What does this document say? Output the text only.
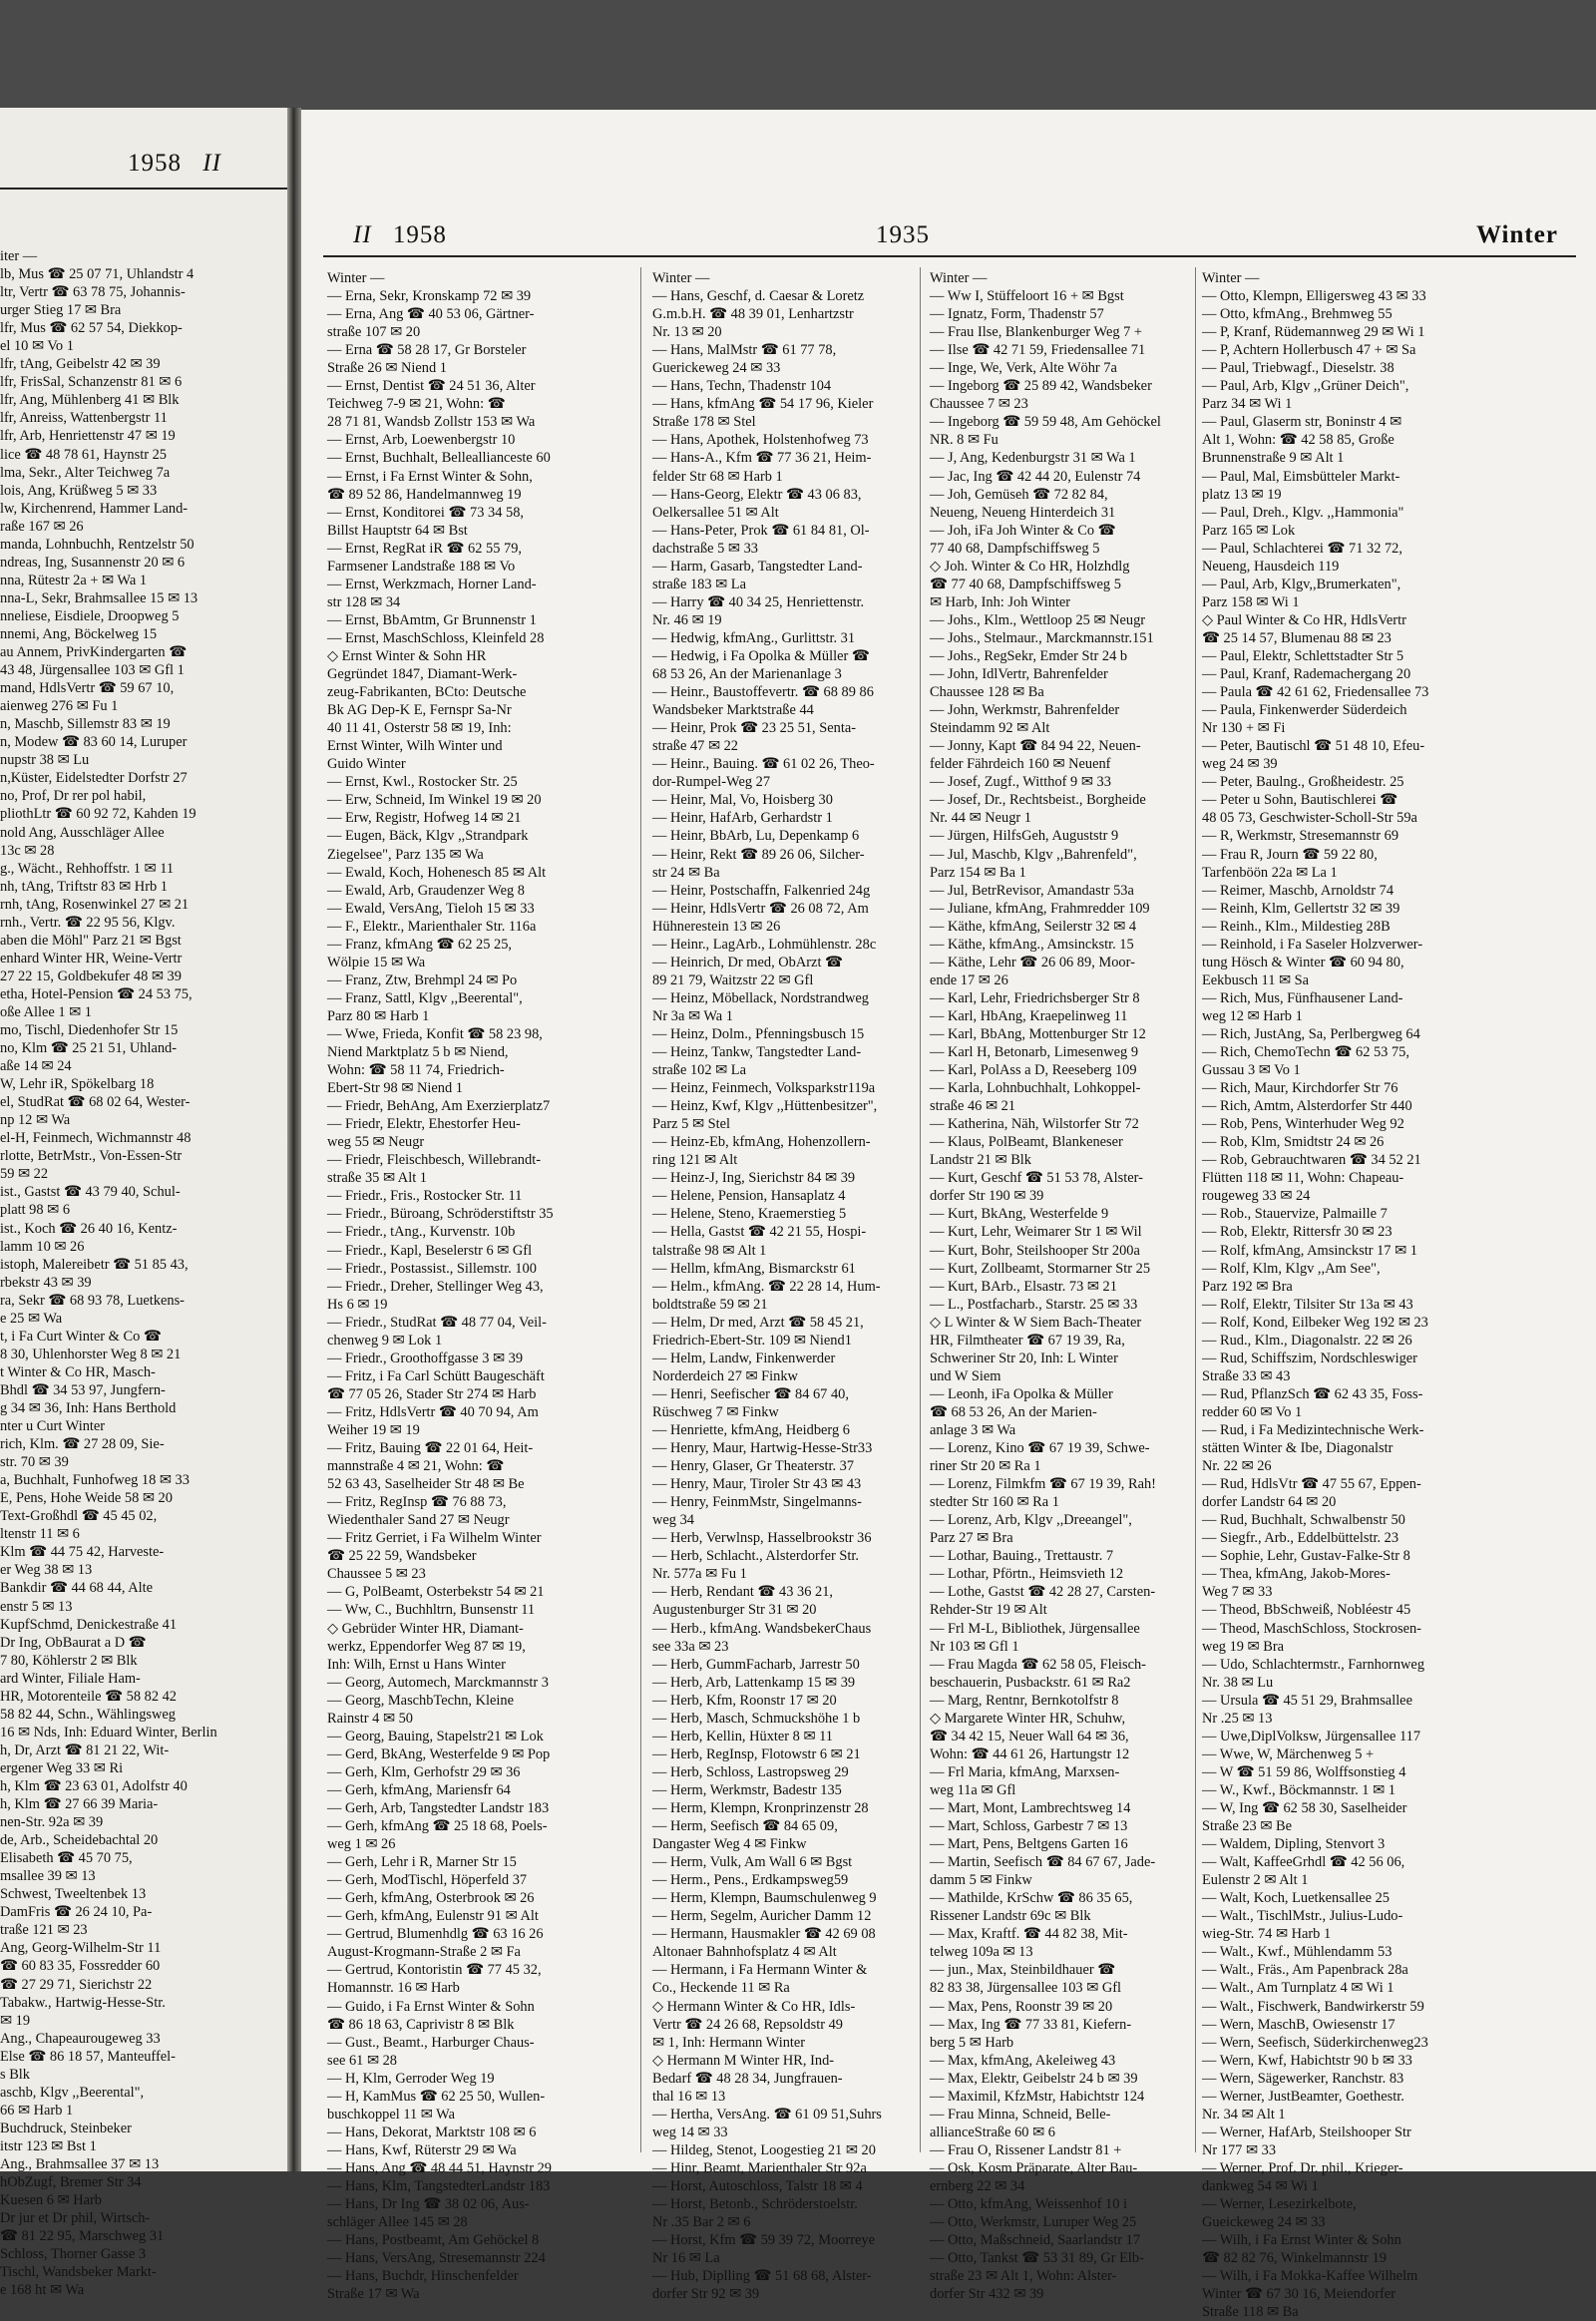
1958 II
iter —
lb, Mus ☎ 25 07 71, Uhlandstr 4
ltr, Vertr ☎ 63 78 75, Johannis-
urger Stieg 17 ✉ Bra
lfr, Mus ☎ 62 57 54, Diekkop-
el 10 ✉ Vo 1
lfr, tAng, Geibelstr 42 ✉ 39
lfr, FrisSal, Schanzenstr 81 ✉ 6
lfr, Ang, Mühlenberg 41 ✉ Blk
lfr, Anreiss, Wattenbergstr 11
lfr, Arb, Henriettenstr 47 ✉ 19
lice ☎ 48 78 61, Haynstr 25
lma, Sekr., Alter Teichweg 7a
lois, Ang, Krüßweg 5 ✉ 33
lw, Kirchenrend, Hammer Land-
raße 167 ✉ 26
manda, Lohnbuchh, Rentzelstr 50
ndreas, Ing, Susannenstr 20 ✉ 6
nna, Rütestr 2a + ✉ Wa 1
nna-L, Sekr, Brahmsallee 15 ✉ 13
nneliese, Eisdiele, Droopweg 5
nnemi, Ang, Böckelweg 15
au Annem, PrivKindergarten ☎
43 48, Jürgensallee 103 ✉ Gfl 1
mand, HdlsVertr ☎ 59 67 10,
aienweg 276 ✉ Fu 1
n, Maschb, Sillemstr 83 ✉ 19
n, Modew ☎ 83 60 14, Luruper
nupstr 38 ✉ Lu
n,Küster, Eidelstedter Dorfstr 27
no, Prof, Dr rer pol habil,
pliothLtr ☎ 60 92 72, Kahden 19
nold Ang, Ausschläger Allee
13c ✉ 28
g., Wächt., Rehhoffstr. 1 ✉ 11
nh, tAng, Triftstr 83 ✉ Hrb 1
rnh, tAng, Rosenwinkel 27 ✉ 21
rnh., Vertr. ☎ 22 95 56, Klgv.
aben die Möhl" Parz 21 ✉ Bgst
enhard Winter HR, Weine-Vertr
27 22 15, Goldbekufer 48 ✉ 39
etha, Hotel-Pension ☎ 24 53 75,
oße Allee 1 ✉ 1
mo, Tischl, Diedenhofer Str 15
no, Klm ☎ 25 21 51, Uhland-
aße 14 ✉ 24
W, Lehr iR, Spökelbarg 18
el, StudRat ☎ 68 02 64, Wester-
np 12 ✉ Wa
el-H, Feinmech, Wichmannstr 48
rlotte, BetrMstr., Von-Essen-Str
59 ✉ 22
ist., Gastst ☎ 43 79 40, Schul-
platt 98 ✉ 6
ist., Koch ☎ 26 40 16, Kentz-
lamm 10 ✉ 26
istoph, Malereibetr ☎ 51 85 43,
rbekstr 43 ✉ 39
ra, Sekr ☎ 68 93 78, Luetkens-
e 25 ✉ Wa
t, i Fa Curt Winter & Co ☎
8 30, Uhlenhorster Weg 8 ✉ 21
t Winter & Co HR, Masch-
Bhdl ☎ 34 53 97, Jungfern-
g 34 ✉ 36, Inh: Hans Berthold
nter u Curt Winter
rich, Klm. ☎ 27 28 09, Sie-
str. 70 ✉ 39
a, Buchhalt, Funhofweg 18 ✉ 33
E, Pens, Hohe Weide 58 ✉ 20
Text-Großhdl ☎ 45 45 02,
ltenstr 11 ✉ 6
Klm ☎ 44 75 42, Harveste-
er Weg 38 ✉ 13
Bankdir ☎ 44 68 44, Alte
enstr 5 ✉ 13
KupfSchmd, Denickestraße 41
Dr Ing, ObBaurat a D ☎
7 80, Köhlerstr 2 ✉ Blk
ard Winter, Filiale Ham-
HR, Motorenteile ☎ 58 82 42
58 82 44, Schn., Wählingsweg
16 ✉ Nds, Inh: Eduard Winter, Berlin
h, Dr, Arzt ☎ 81 21 22, Wit-
ergener Weg 33 ✉ Ri
h, Klm ☎ 23 63 01, Adolfstr 40
h, Klm ☎ 27 66 39 Maria-
nen-Str. 92a ✉ 39
de, Arb., Scheidebachtal 20
Elisabeth ☎ 45 70 75,
msallee 39 ✉ 13
Schwest, Tweeltenbek 13
DamFris ☎ 26 24 10, Pa-
traße 121 ✉ 23
Ang, Georg-Wilhelm-Str 11
☎ 60 83 35, Fossredder 60
☎ 27 29 71, Sierichstr 22
Tabakw., Hartwig-Hesse-Str.
✉ 19
Ang., Chapeaurougeweg 33
Else ☎ 86 18 57, Manteuffel-
s Blk
aschb, Klgv ,,Beerental",
66 ✉ Harb 1
Buchdruck, Steinbeker
itstr 123 ✉ Bst 1
Ang., Brahmsallee 37 ✉ 13
hObZugf, Bremer Str 34
Kuesen 6 ✉ Harb
Dr jur et Dr phil, Wirtsch-
☎ 81 22 95, Marschweg 31
Schloss, Thorner Gasse 3
Tischl, Wandsbeker Markt-
e 168 ht ✉ Wa
II 1958	1935	Winter
Winter —
— Erna, Sekr, Kronskamp 72 ✉ 39
— Erna, Ang ☎ 40 53 06, Gärtner-
straße 107 ✉ 20
— Erna ☎ 58 28 17, Gr Borsteler
Straße 26 ✉ Niend 1
— Ernst, Dentist ☎ 24 51 36, Alter
Teichweg 7-9 ✉ 21, Wohn: ☎
28 71 81, Wandsb Zollstr 153 ✉ Wa
— Ernst, Arb, Loewenbergstr 10
— Ernst, Buchhalt, Belleallianceste 60
— Ernst, i Fa Ernst Winter & Sohn,
☎ 89 52 86, Handelmannweg 19
— Ernst, Konditorei ☎ 73 34 58,
Billst Hauptstr 64 ✉ Bst
— Ernst, RegRat iR ☎ 62 55 79,
Farmsener Landstraße 188 ✉ Vo
— Ernst, Werkzmach, Horner Land-
str 128 ✉ 34
— Ernst, BbAmtm, Gr Brunnenstr 1
— Ernst, MaschSchloss, Kleinfeld 28
◇ Ernst Winter & Sohn HR
Gegründet 1847, Diamant-Werk-
zeug-Fabrikanten, BCto: Deutsche
Bk AG Dep-K E, Fernspr Sa-Nr
40 11 41, Osterstr 58 ✉ 19, Inh:
Ernst Winter, Wilh Winter und
Guido Winter
— Ernst, Kwl., Rostocker Str. 25
— Erw, Schneid, Im Winkel 19 ✉ 20
— Erw, Registr, Hofweg 14 ✉ 21
— Eugen, Bäck, Klgv ,,Strandpark
Ziegelsee", Parz 135 ✉ Wa
— Ewald, Koch, Hohenesch 85 ✉ Alt
— Ewald, Arb, Graudenzer Weg 8
— Ewald, VersAng, Tieloh 15 ✉ 33
— F., Elektr., Marienthaler Str. 116a
— Franz, kfmAng ☎ 62 25 25,
Wölpie 15 ✉ Wa
— Franz, Ztw, Brehmpl 24 ✉ Po
— Franz, Sattl, Klgv ,,Beerental",
Parz 80 ✉ Harb 1
— Wwe, Frieda, Konfit ☎ 58 23 98,
Niend Marktplatz 5 b ✉ Niend,
Wohn: ☎ 58 11 74, Friedrich-
Ebert-Str 98 ✉ Niend 1
— Friedr, BehAng, Am Exerzierplatz7
— Friedr, Elektr, Ehestorfer Heu-
weg 55 ✉ Neugr
— Friedr, Fleischbesch, Willebrandt-
straße 35 ✉ Alt 1
— Friedr., Fris., Rostocker Str. 11
— Friedr., Büroang, Schröderstiftstr 35
— Friedr., tAng., Kurvenstr. 10b
— Friedr., Kapl, Beselerstr 6 ✉ Gfl
— Friedr., Postassist., Sillemstr. 100
— Friedr., Dreher, Stellinger Weg 43,
Hs 6 ✉ 19
— Friedr., StudRat ☎ 48 77 04, Veil-
chenweg 9 ✉ Lok 1
— Friedr., Groothoffgasse 3 ✉ 39
— Fritz, i Fa Carl Schütt Baugeschäft
☎ 77 05 26, Stader Str 274 ✉ Harb
— Fritz, HdlsVertr ☎ 40 70 94, Am
Weiher 19 ✉ 19
— Fritz, Bauing ☎ 22 01 64, Heit-
mannstraße 4 ✉ 21, Wohn: ☎
52 63 43, Saselheider Str 48 ✉ Be
— Fritz, RegInsp ☎ 76 88 73,
Wiedenthaler Sand 27 ✉ Neugr
— Fritz Gerriet, i Fa Wilhelm Winter
☎ 25 22 59, Wandsbeker
Chaussee 5 ✉ 23
— G, PolBeamt, Osterbekstr 54 ✉ 21
— Ww, C., Buchhltrn, Bunsenstr 11
◇ Gebrüder Winter HR, Diamant-
werkz, Eppendorfer Weg 87 ✉ 19,
Inh: Wilh, Ernst u Hans Winter
— Georg, Automech, Marckmannstr 3
— Georg, MaschbTechn, Kleine
Rainstr 4 ✉ 50
— Georg, Bauing, Stapelstr21 ✉ Lok
— Gerd, BkAng, Westerfelde 9 ✉ Pop
— Gerh, Klm, Gerhofstr 29 ✉ 36
— Gerh, kfmAng, Mariensfr 64
— Gerh, Arb, Tangstedter Landstr 183
— Gerh, kfmAng ☎ 25 18 68, Poels-
weg 1 ✉ 26
— Gerh, Lehr i R, Marner Str 15
— Gerh, ModTischl, Höperfeld 37
— Gerh, kfmAng, Osterbrook ✉ 26
— Gerh, kfmAng, Eulenstr 91 ✉ Alt
— Gertrud, Blumenhdlg ☎ 63 16 26
August-Krogmann-Straße 2 ✉ Fa
— Gertrud, Kontoristin ☎ 77 45 32,
Homannstr. 16 ✉ Harb
— Guido, i Fa Ernst Winter & Sohn
☎ 86 18 63, Caprivistr 8 ✉ Blk
— Gust., Beamt., Harburger Chaus-
see 61 ✉ 28
— H, Klm, Gerroder Weg 19
— H, KamMus ☎ 62 25 50, Wullen-
buschkoppel 11 ✉ Wa
— Hans, Dekorat, Marktstr 108 ✉ 6
— Hans, Kwf, Rüterstr 29 ✉ Wa
— Hans, Ang ☎ 48 44 51, Haynstr 29
— Hans, Klm, TangstedterLandstr 183
— Hans, Dr Ing ☎ 38 02 06, Aus-
schläger Allee 145 ✉ 28
— Hans, Postbeamt, Am Gehöckel 8
— Hans, VersAng, Stresemannstr 224
— Hans, Buchdr, Hinschenfelder
Straße 17 ✉ Wa
Winter —
— Hans, Geschf, d. Caesar & Loretz
G.m.b.H. ☎ 48 39 01, Lenhartzstr
Nr. 13 ✉ 20
— Hans, MalMstr ☎ 61 77 78,
Guerickeweg 24 ✉ 33
— Hans, Techn, Thadenstr 104
— Hans, kfmAng ☎ 54 17 96, Kieler
Straße 178 ✉ Stel
— Hans, Apothek, Holstenhofweg 73
— Hans-A., Kfm ☎ 77 36 21, Heim-
felder Str 68 ✉ Harb 1
— Hans-Georg, Elektr ☎ 43 06 83,
Oelkersallee 51 ✉ Alt
— Hans-Peter, Prok ☎ 61 84 81, Ol-
dachstraße 5 ✉ 33
— Harm, Gasarb, Tangstedter Land-
straße 183 ✉ La
— Harry ☎ 40 34 25, Henriettenstr.
Nr. 46 ✉ 19
— Hedwig, kfmAng., Gurlittstr. 31
— Hedwig, i Fa Opolka & Müller ☎
68 53 26, An der Marienanlage 3
— Heinr., Baustoffevertr. ☎ 68 89 86
Wandsbeker Marktstraße 44
— Heinr, Prok ☎ 23 25 51, Senta-
straße 47 ✉ 22
— Heinr., Bauing. ☎ 61 02 26, Theo-
dor-Rumpel-Weg 27
— Heinr, Mal, Vo, Hoisberg 30
— Heinr, HafArb, Gerhardstr 1
— Heinr, BbArb, Lu, Depenkamp 6
— Heinr, Rekt ☎ 89 26 06, Silcher-
str 24 ✉ Ba
— Heinr, Postschaffn, Falkenried 24g
— Heinr, HdlsVertr ☎ 26 08 72, Am
Hühnerestein 13 ✉ 26
— Heinr., LagArb., Lohmühlenstr. 28c
— Heinrich, Dr med, ObArzt ☎
89 21 79, Waitzstr 22 ✉ Gfl
— Heinz, Möbellack, Nordstrandweg
Nr 3a ✉ Wa 1
— Heinz, Dolm., Pfenningsbusch 15
— Heinz, Tankw, Tangstedter Land-
straße 102 ✉ La
— Heinz, Feinmech, Volksparkstr119a
— Heinz, Kwf, Klgv ,,Hüttenbesitzer",
Parz 5 ✉ Stel
— Heinz-Eb, kfmAng, Hohenzollern-
ring 121 ✉ Alt
— Heinz-J, Ing, Sierichstr 84 ✉ 39
— Helene, Pension, Hansaplatz 4
— Helene, Steno, Kraemerstieg 5
— Hella, Gastst ☎ 42 21 55, Hospi-
talstraße 98 ✉ Alt 1
— Hellm, kfmAng, Bismarckstr 61
— Helm., kfmAng. ☎ 22 28 14, Hum-
boldtstraße 59 ✉ 21
— Helm, Dr med, Arzt ☎ 58 45 21,
Friedrich-Ebert-Str. 109 ✉ Niend1
— Helm, Landw, Finkenwerder
Norderdeich 27 ✉ Finkw
— Henri, Seefischer ☎ 84 67 40,
Rüschweg 7 ✉ Finkw
— Henriette, kfmAng, Heidberg 6
— Henry, Maur, Hartwig-Hesse-Str33
— Henry, Glaser, Gr Theaterstr. 37
— Henry, Maur, Tiroler Str 43 ✉ 43
— Henry, FeinmMstr, Singelmanns-
weg 34
— Herb, Verwlnsp, Hasselbrookstr 36
— Herb, Schlacht., Alsterdorfer Str.
Nr. 577a ✉ Fu 1
— Herb, Rendant ☎ 43 36 21,
Augustenburger Str 31 ✉ 20
— Herb., kfmAng. WandsbekerChaus
see 33a ✉ 23
— Herb, GummFacharb, Jarrestr 50
— Herb, Arb, Lattenkamp 15 ✉ 39
— Herb, Kfm, Roonstr 17 ✉ 20
— Herb, Masch, Schmuckshöhe 1 b
— Herb, Kellin, Hüxter 8 ✉ 11
— Herb, RegInsp, Flotowstr 6 ✉ 21
— Herb, Schloss, Lastropsweg 29
— Herm, Werkmstr, Badestr 135
— Herm, Klempn, Kronprinzenstr 28
— Herm, Seefisch ☎ 84 65 09,
Dangaster Weg 4 ✉ Finkw
— Herm, Vulk, Am Wall 6 ✉ Bgst
— Herm., Pens., Erdkampsweg59
— Herm, Klempn, Baumschulenweg 9
— Herm, Segelm, Auricher Damm 12
— Hermann, Hausmakler ☎ 42 69 08
Altonaer Bahnhofsplatz 4 ✉ Alt
— Hermann, i Fa Hermann Winter &
Co., Heckende 11 ✉ Ra
◇ Hermann Winter & Co HR, Idls-
Vertr ☎ 24 26 68, Repsoldstr 49
✉ 1, Inh: Hermann Winter
◇ Hermann M Winter HR, Ind-
Bedarf ☎ 48 28 34, Jungfrauen-
thal 16 ✉ 13
— Hertha, VersAng. ☎ 61 09 51,Suhrs
weg 14 ✉ 33
— Hildeg, Stenot, Loogestieg 21 ✉ 20
— Hinr, Beamt, Marienthaler Str 92a
— Horst, Autoschloss, Talstr 18 ✉ 4
— Horst, Betonb., Schröderstoelstr.
Nr .35 Bar 2 ✉ 6
— Horst, Kfm ☎ 59 39 72, Moorreye
Nr 16 ✉ La
— Hub, Diplling ☎ 51 68 68, Alster-
dorfer Str 92 ✉ 39
Winter —
— Ww I, Stüffeloort 16 + ✉ Bgst
— Ignatz, Form, Thadenstr 57
— Frau Ilse, Blankenburger Weg 7 +
— Ilse ☎ 42 71 59, Friedensallee 71
— Inge, We, Verk, Alte Wöhr 7a
— Ingeborg ☎ 25 89 42, Wandsbeker
Chaussee 7 ✉ 23
— Ingeborg ☎ 59 59 48, Am Gehöckel
NR. 8 ✉ Fu
— J, Ang, Kedenburgstr 31 ✉ Wa 1
— Jac, Ing ☎ 42 44 20, Eulenstr 74
— Joh, Gemüseh ☎ 72 82 84,
Neueng, Neueng Hinterdeich 31
— Joh, iFa Joh Winter & Co ☎
77 40 68, Dampfschiffsweg 5
◇ Joh. Winter & Co HR, Holzhdlg
☎ 77 40 68, Dampfschiffsweg 5
✉ Harb, Inh: Joh Winter
— Johs., Klm., Wettloop 25 ✉ Neugr
— Johs., Stelmaur., Marckmannstr.151
— Johs., RegSekr, Emder Str 24 b
— John, IdlVertr, Bahrenfelder
Chaussee 128 ✉ Ba
— John, Werkmstr, Bahrenfelder
Steindamm 92 ✉ Alt
— Jonny, Kapt ☎ 84 94 22, Neuen-
felder Fährdeich 160 ✉ Neuenf
— Josef, Zugf., Witthof 9 ✉ 33
— Josef, Dr., Rechtsbeist., Borgheide
Nr. 44 ✉ Neugr 1
— Jürgen, HilfsGeh, Auguststr 9
— Jul, Maschb, Klgv ,,Bahrenfeld",
Parz 154 ✉ Ba 1
— Jul, BetrRevisor, Amandastr 53a
— Juliane, kfmAng, Frahmredder 109
— Käthe, kfmAng, Seilerstr 32 ✉ 4
— Käthe, kfmAng., Amsinckstr. 15
— Käthe, Lehr ☎ 26 06 89, Moor-
ende 17 ✉ 26
— Karl, Lehr, Friedrichsberger Str 8
— Karl, HbAng, Kraepelinweg 11
— Karl, BbAng, Mottenburger Str 12
— Karl H, Betonarb, Limesenweg 9
— Karl, PolAss a D, Reeseberg 109
— Karla, Lohnbuchhalt, Lohkoppel-
straße 46 ✉ 21
— Katherina, Näh, Wilstorfer Str 72
— Klaus, PolBeamt, Blankeneser
Landstr 21 ✉ Blk
— Kurt, Geschf ☎ 51 53 78, Alster-
dorfer Str 190 ✉ 39
— Kurt, BkAng, Westerfelde 9
— Kurt, Lehr, Weimarer Str 1 ✉ Wil
— Kurt, Bohr, Steilshooper Str 200a
— Kurt, Zollbeamt, Stormarner Str 25
— Kurt, BArb., Elsastr. 73 ✉ 21
— L., Postfacharb., Starstr. 25 ✉ 33
◇ L Winter & W Siem Bach-Theater
HR, Filmtheater ☎ 67 19 39, Ra,
Schweriner Str 20, Inh: L Winter
und W Siem
— Leonh, iFa Opolka & Müller
☎ 68 53 26, An der Marien-
anlage 3 ✉ Wa
— Lorenz, Kino ☎ 67 19 39, Schwe-
riner Str 20 ✉ Ra 1
— Lorenz, Filmkfm ☎ 67 19 39, Rah!
stedter Str 160 ✉ Ra 1
— Lorenz, Arb, Klgv ,,Dreeangel",
Parz 27 ✉ Bra
— Lothar, Bauing., Trettaustr. 7
— Lothar, Pförtn., Heimsvieth 12
— Lothe, Gastst ☎ 42 28 27, Carsten-
Rehder-Str 19 ✉ Alt
— Frl M-L, Bibliothek, Jürgensallee
Nr 103 ✉ Gfl 1
— Frau Magda ☎ 62 58 05, Fleisch-
beschauerin, Pusbackstr. 61 ✉ Ra2
— Marg, Rentnr, Bernkotolfstr 8
◇ Margarete Winter HR, Schuhw,
☎ 34 42 15, Neuer Wall 64 ✉ 36,
Wohn: ☎ 44 61 26, Hartungstr 12
— Frl Maria, kfmAng, Marxsen-
weg 11a ✉ Gfl
— Mart, Mont, Lambrechtsweg 14
— Mart, Schloss, Garbestr 7 ✉ 13
— Mart, Pens, Beltgens Garten 16
— Martin, Seefisch ☎ 84 67 67, Jade-
damm 5 ✉ Finkw
— Mathilde, KrSchw ☎ 86 35 65,
Rissener Landstr 69c ✉ Blk
— Max, Kraftf. ☎ 44 82 38, Mit-
telweg 109a ✉ 13
— jun., Max, Steinbildhauer ☎
82 83 38, Jürgensallee 103 ✉ Gfl
— Max, Pens, Roonstr 39 ✉ 20
— Max, Ing ☎ 77 33 81, Kiefern-
berg 5 ✉ Harb
— Max, kfmAng, Akeleiweg 43
— Max, Elektr, Geibelstr 24 b ✉ 39
— Maximil, KfzMstr, Habichtstr 124
— Frau Minna, Schneid, Belle-
allianceStraße 60 ✉ 6
— Frau O, Rissener Landstr 81 +
— Osk, Kosm Präparate, Alter Bau-
ernberg 22 ✉ 34
— Otto, kfmAng, Weissenhof 10 i
— Otto, Werkmstr, Luruper Weg 25
— Otto, Maßschneid, Saarlandstr 17
— Otto, Tankst ☎ 53 31 89, Gr Elb-
straße 23 ✉ Alt 1, Wohn: Alster-
dorfer Str 432 ✉ 39
Winter —
— Otto, Klempn, Elligersweg 43 ✉ 33
— Otto, kfmAng., Brehmweg 55
— P, Kranf, Rüdemannweg 29 ✉ Wi 1
— P, Achtern Hollerbusch 47 + ✉ Sa
— Paul, Triebwagf., Dieselstr. 38
— Paul, Arb, Klgv ,,Grüner Deich",
Parz 34 ✉ Wi 1
— Paul, Glaserm str, Boninstr 4 ✉
Alt 1, Wohn: ☎ 42 58 85, Große
Brunnenstraße 9 ✉ Alt 1
— Paul, Mal, Eimsbütteler Markt-
platz 13 ✉ 19
— Paul, Dreh., Klgv. ,,Hammonia"
Parz 165 ✉ Lok
— Paul, Schlachterei ☎ 71 32 72,
Neueng, Hausdeich 119
— Paul, Arb, Klgv,,Brumerkaten",
Parz 158 ✉ Wi 1
◇ Paul Winter & Co HR, HdlsVertr
☎ 25 14 57, Blumenau 88 ✉ 23
— Paul, Elektr, Schlettstadter Str 5
— Paul, Kranf, Rademachergang 20
— Paula ☎ 42 61 62, Friedensallee 73
— Paula, Finkenwerder Süderdeich
Nr 130 + ✉ Fi
— Peter, Bautischl ☎ 51 48 10, Efeu-
weg 24 ✉ 39
— Peter, Baulng., Großheidestr. 25
— Peter u Sohn, Bautischlerei ☎
48 05 73, Geschwister-Scholl-Str 59a
— R, Werkmstr, Stresemannstr 69
— Frau R, Journ ☎ 59 22 80,
Tarfenböön 22a ✉ La 1
— Reimer, Maschb, Arnoldstr 74
— Reinh, Klm, Gellertstr 32 ✉ 39
— Reinh., Klm., Mildestieg 28B
— Reinhold, i Fa Saseler Holzverwer-
tung Hösch & Winter ☎ 60 94 80,
Eekbusch 11 ✉ Sa
— Rich, Mus, Fünfhausener Land-
weg 12 ✉ Harb 1
— Rich, JustAng, Sa, Perlbergweg 64
— Rich, ChemoTechn ☎ 62 53 75,
Gussau 3 ✉ Vo 1
— Rich, Maur, Kirchdorfer Str 76
— Rich, Amtm, Alsterdorfer Str 440
— Rob, Pens, Winterhuder Weg 92
— Rob, Klm, Smidtstr 24 ✉ 26
— Rob, Gebrauchtwaren ☎ 34 52 21
Flütten 118 ✉ 11, Wohn: Chapeau-
rougeweg 33 ✉ 24
— Rob., Stauervize, Palmaille 7
— Rob, Elektr, Rittersfr 30 ✉ 23
— Rolf, kfmAng, Amsinckstr 17 ✉ 1
— Rolf, Klm, Klgv ,,Am See",
Parz 192 ✉ Bra
— Rolf, Elektr, Tilsiter Str 13a ✉ 43
— Rolf, Kond, Eilbeker Weg 192 ✉ 23
— Rud., Klm., Diagonalstr. 22 ✉ 26
— Rud, Schiffszim, Nordschleswiger
Straße 33 ✉ 43
— Rud, PflanzSch ☎ 62 43 35, Foss-
redder 60 ✉ Vo 1
— Rud, i Fa Medizintechnische Werk-
stätten Winter & Ibe, Diagonalstr
Nr. 22 ✉ 26
— Rud, HdlsVtr ☎ 47 55 67, Eppen-
dorfer Landstr 64 ✉ 20
— Rud, Buchhalt, Schwalbenstr 50
— Siegfr., Arb., Eddelbüttelstr. 23
— Sophie, Lehr, Gustav-Falke-Str 8
— Thea, kfmAng, Jakob-Mores-
Weg 7 ✉ 33
— Theod, BbSchweiß, Nobléestr 45
— Theod, MaschSchloss, Stockrosen-
weg 19 ✉ Bra
— Udo, Schlachtermstr., Farnhornweg
Nr. 38 ✉ Lu
— Ursula ☎ 45 51 29, Brahmsallee
Nr .25 ✉ 13
— Uwe,DiplVolksw, Jürgensallee 117
— Wwe, W, Märchenweg 5 +
— W ☎ 51 59 86, Wolffsonstieg 4
— W., Kwf., Böckmannstr. 1 ✉ 1
— W, Ing ☎ 62 58 30, Saselheider
Straße 23 ✉ Be
— Waldem, Dipling, Stenvort 3
— Walt, KaffeeGrhdl ☎ 42 56 06,
Eulenstr 2 ✉ Alt 1
— Walt, Koch, Luetkensallee 25
— Walt., TischlMstr., Julius-Ludo-
wieg-Str. 74 ✉ Harb 1
— Walt., Kwf., Mühlendamm 53
— Walt., Fräs., Am Papenbrack 28a
— Walt., Am Turnplatz 4 ✉ Wi 1
— Walt., Fischwerk, Bandwirkerstr 59
— Wern, MaschB, Owiesenstr 17
— Wern, Seefisch, Süderkirchenweg23
— Wern, Kwf, Habichtstr 90 b ✉ 33
— Wern, Sägewerker, Ranchstr. 83
— Werner, JustBeamter, Goethestr.
Nr. 34 ✉ Alt 1
— Werner, HafArb, Steilshooper Str
Nr 177 ✉ 33
— Werner, Prof. Dr. phil., Krieger-
dankweg 54 ✉ Wi 1
— Werner, Lesezirkelbote,
Gueickeweg 24 ✉ 33
— Wilh, i Fa Ernst Winter & Sohn
☎ 82 82 76, Winkelmannstr 19
— Wilh, i Fa Mokka-Kaffee Wilhelm
Winter ☎ 67 30 16, Meiendorfer
Straße 118 ✉ Ba
